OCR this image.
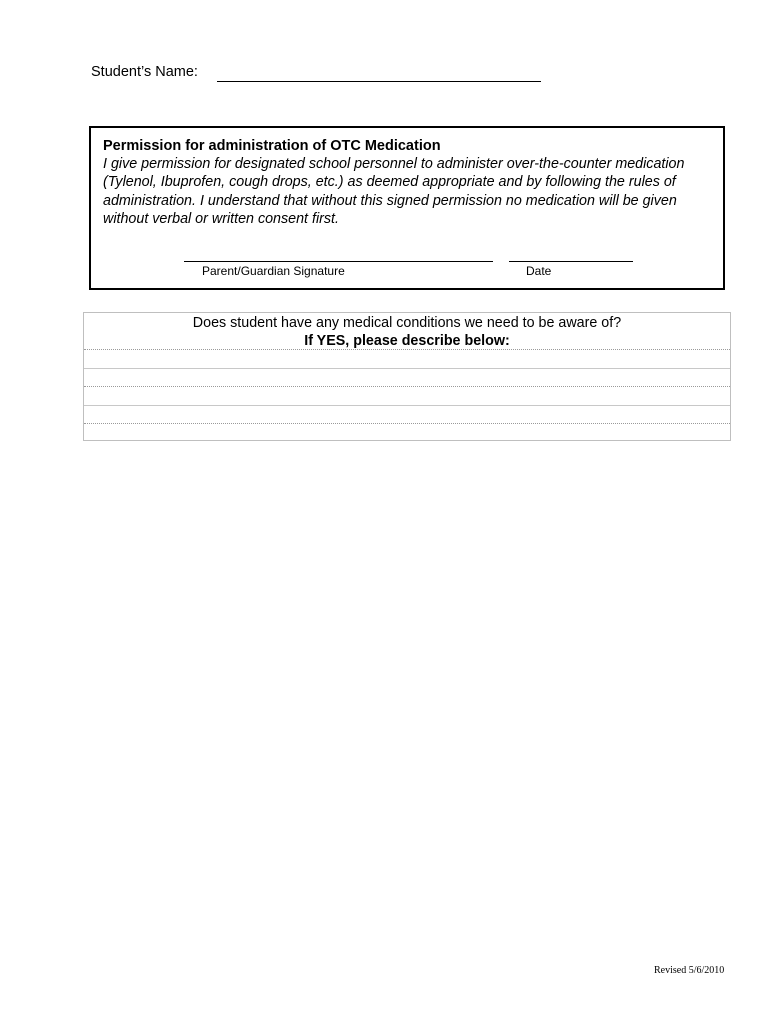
Student’s Name:
Permission for administration of OTC Medication
I give permission for designated school personnel to administer over-the-counter medication (Tylenol, Ibuprofen, cough drops, etc.) as deemed appropriate and by following the rules of administration. I understand that without this signed permission no medication will be given without verbal or written consent first.
Parent/Guardian Signature	Date
Does student have any medical conditions we need to be aware of?
If YES, please describe below:
Revised 5/6/2010
